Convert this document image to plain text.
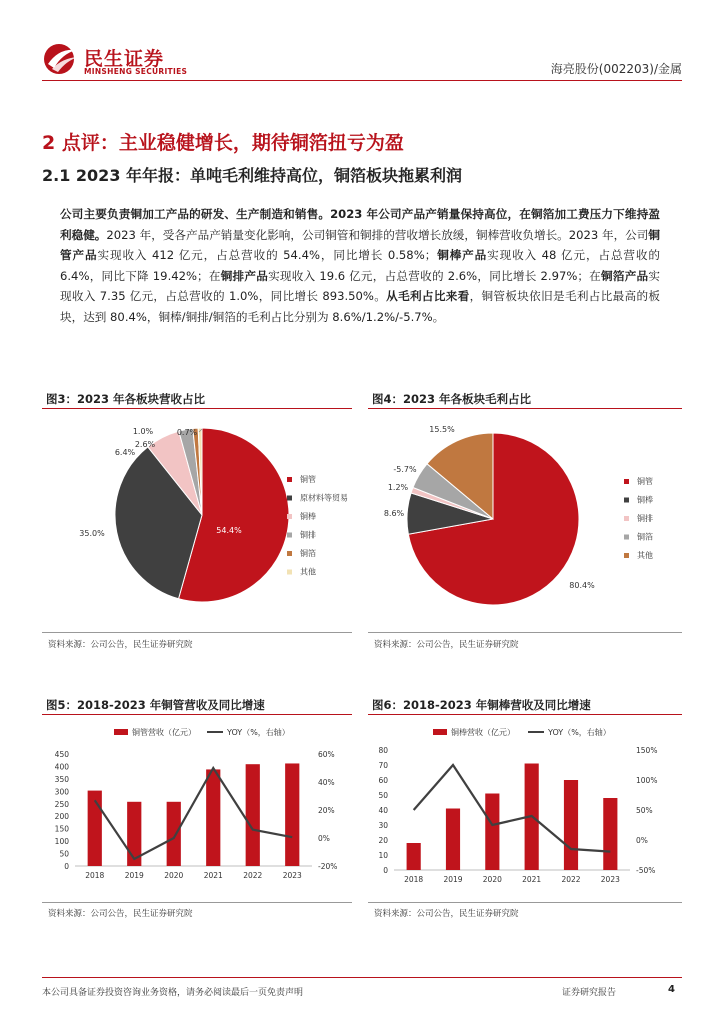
民生证券
MINSHENG SECURITIES	海亮股份(002203)/金属
2 点评：主业稳健增长，期待铜箔扭亏为盈
2.1 2023 年年报：单吨毛利维持高位，铜箔板块拖累利润
公司主要负责铜加工产品的研发、生产制造和销售。2023 年公司产品产销量保持高位，在铜箔加工费压力下维持盈利稳健。2023 年，受各产品产销量变化影响，公司铜管和铜排的营收增长放缓，铜棒营收负增长。2023 年，公司铜管产品实现收入 412 亿元，占总营收的 54.4%，同比增长 0.58%；铜棒产品实现收入 48 亿元，占总营收的 6.4%，同比下降 19.42%；在铜排产品实现收入 19.6 亿元，占总营收的 2.6%，同比增长 2.97%；在铜箔产品实现收入 7.35 亿元，占总营收的 1.0%，同比增长 893.50%。从毛利占比来看，铜管板块依旧是毛利占比最高的板块，达到 80.4%，铜棒/铜排/铜箔的毛利占比分别为 8.6%/1.2%/-5.7%。
图3：2023 年各板块营收占比
54.4%
35.0%
6.4%
2.6%
1.0%	0.7%
铜管
原材料等贸易
铜棒
铜排
铜箔
其他
资料来源：公司公告，民生证券研究院
图4：2023 年各板块毛利占比
80.4%
8.6%
1.2%
-5.7%
15.5%
铜管
铜棒
铜排
铜箔
其他
资料来源：公司公告，民生证券研究院
图5：2018-2023 年铜管营收及同比增速
铜管营收（亿元）	YOY（%，右轴）
0
50
100
150
200
250
300
350
400
450
-20%
0%
20%
40%
60%
2018	2019	2020	2021	2022	2023
资料来源：公司公告，民生证券研究院
图6：2018-2023 年铜棒营收及同比增速
铜棒营收（亿元）	YOY（%，右轴）
0
10
20
30
40
50
60
70
80
-50%
0%
50%
100%
150%
2018	2019	2020	2021	2022	2023
资料来源：公司公告，民生证券研究院
本公司具备证券投资咨询业务资格，请务必阅读最后一页免责声明	证券研究报告	4
